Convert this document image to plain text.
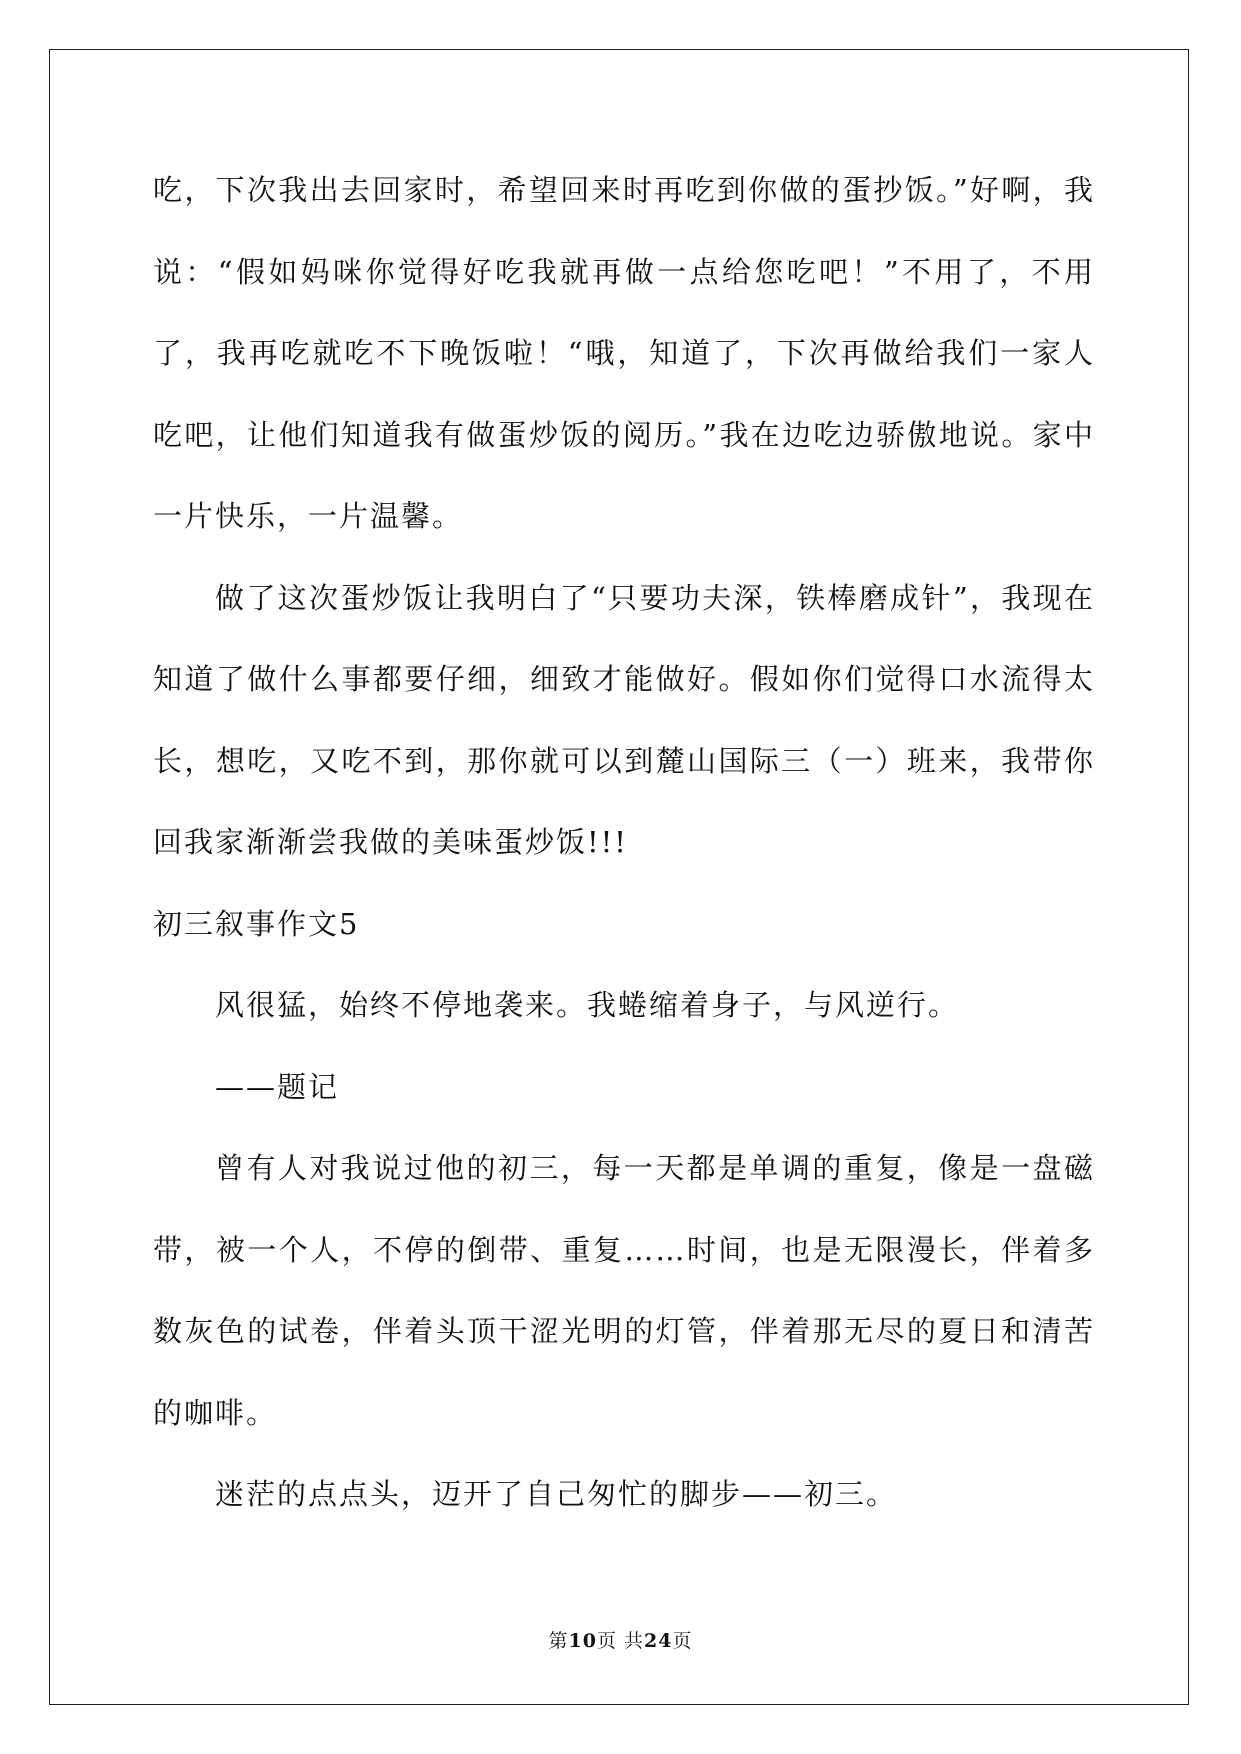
吃，下次我出去回家时，希望回来时再吃到你做的蛋抄饭。”好啊，我说：“假如妈咪你觉得好吃我就再做一点给您吃吧！”不用了，不用了，我再吃就吃不下晚饭啦！“哦，知道了，下次再做给我们一家人吃吧，让他们知道我有做蛋炒饭的阅历。”我在边吃边骄傲地说。家中一片快乐，一片温馨。

做了这次蛋炒饭让我明白了“只要功夫深，铁棒磨成针”，我现在知道了做什么事都要仔细，细致才能做好。假如你们觉得口水流得太长，想吃，又吃不到，那你就可以到麓山国际三（一）班来，我带你回我家渐渐尝我做的美味蛋炒饭!!!

初三叙事作文5

风很猛，始终不停地袭来。我蜷缩着身子，与风逆行。

——题记

曾有人对我说过他的初三，每一天都是单调的重复，像是一盘磁带，被一个人，不停的倒带、重复……时间，也是无限漫长，伴着多数灰色的试卷，伴着头顶干涩光明的灯管，伴着那无尽的夏日和清苦的咖啡。

迷茫的点点头，迈开了自己匆忙的脚步——初三。

第10页 共24页
